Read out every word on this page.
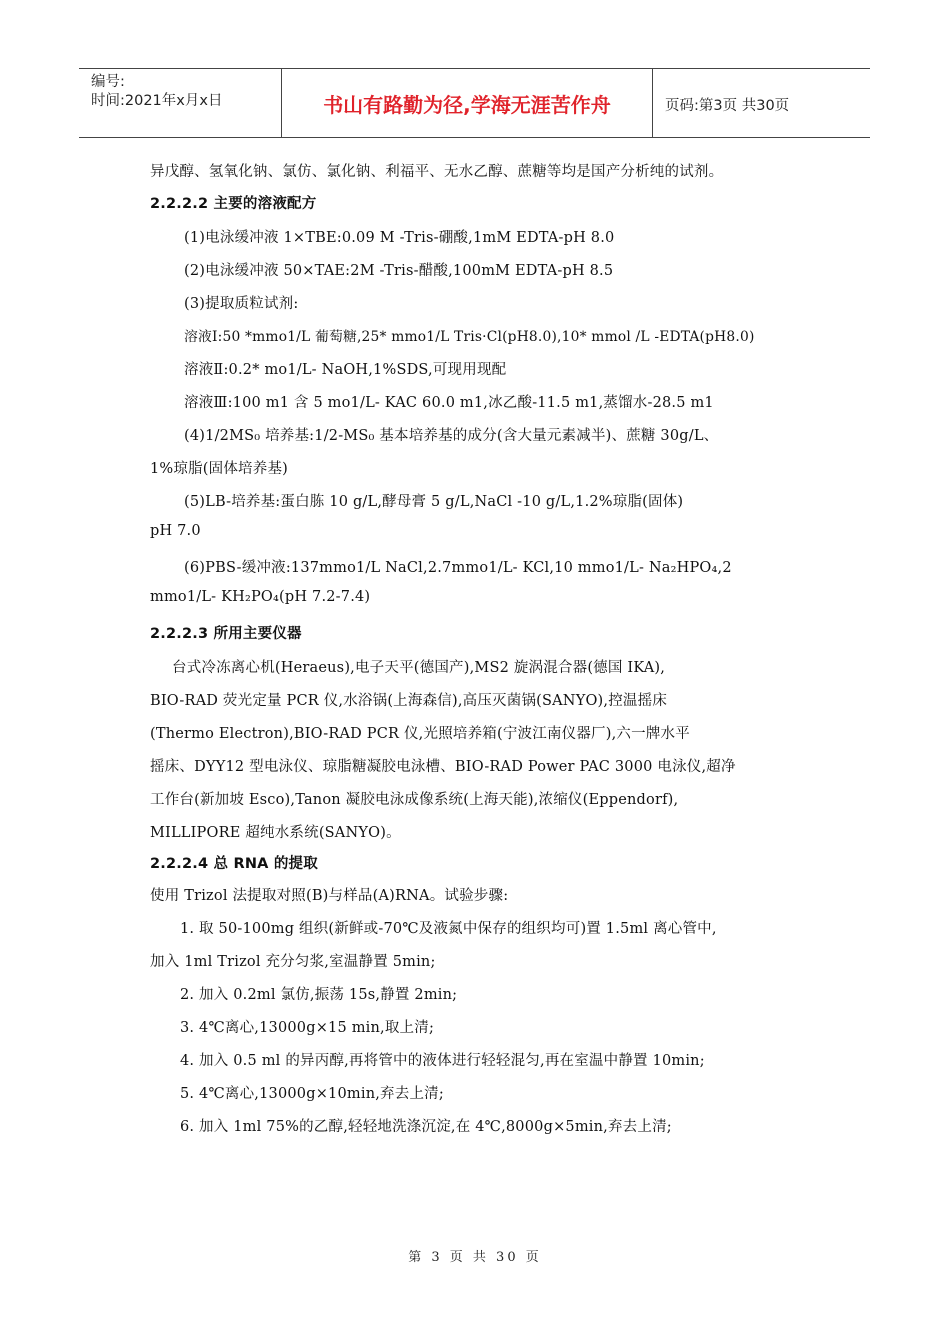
编号:
时间:2021年x月x日	书山有路勤为径,学海无涯苦作舟	页码:第3页 共30页
异戊醇、氢氧化钠、氯仿、氯化钠、利福平、无水乙醇、蔗糖等均是国产分析纯的试剂。
2.2.2.2 主要的溶液配方
(1)电泳缓冲液 1×TBE:0.09 M -Tris-硼酸,1mM EDTA-pH 8.0
(2)电泳缓冲液 50×TAE:2M -Tris-醋酸,100mM EDTA-pH 8.5
(3)提取质粒试剂:
溶液Ⅰ:50 *mmo1/L 葡萄糖,25* mmo1/L Tris·Cl(pH8.0),10* mmol /L -EDTA(pH8.0)
溶液Ⅱ:0.2* mo1/L- NaOH,1%SDS,可现用现配
溶液Ⅲ:100 m1 含 5 mo1/L- KAC 60.0 m1,冰乙酸-11.5 m1,蒸馏水-28.5 m1
(4)1/2MS₀ 培养基:1/2-MS₀ 基本培养基的成分(含大量元素减半)、蔗糖 30g/L、
1%琼脂(固体培养基)
(5)LB-培养基:蛋白胨 10 g/L,酵母膏 5 g/L,NaCl -10 g/L,1.2%琼脂(固体)
pH 7.0
(6)PBS-缓冲液:137mmo1/L NaCl,2.7mmo1/L- KCl,10 mmo1/L- Na₂HPO₄,2
mmo1/L- KH₂PO₄(pH 7.2-7.4)
2.2.2.3 所用主要仪器
台式冷冻离心机(Heraeus),电子天平(德国产),MS2 旋涡混合器(德国 IKA),
BIO-RAD 荧光定量 PCR 仪,水浴锅(上海森信),高压灭菌锅(SANYO),控温摇床
(Thermo Electron),BIO-RAD PCR 仪,光照培养箱(宁波江南仪器厂),六一牌水平
摇床、DYY12 型电泳仪、琼脂糖凝胶电泳槽、BIO-RAD Power PAC 3000 电泳仪,超净
工作台(新加坡 Esco),Tanon 凝胶电泳成像系统(上海天能),浓缩仪(Eppendorf),
MILLIPORE 超纯水系统(SANYO)。
2.2.2.4 总 RNA 的提取
使用 Trizol 法提取对照(B)与样品(A)RNA。试验步骤:
1. 取 50-100mg 组织(新鲜或-70℃及液氮中保存的组织均可)置 1.5ml 离心管中,
加入 1ml Trizol 充分匀浆,室温静置 5min;
2. 加入 0.2ml 氯仿,振荡 15s,静置 2min;
3. 4℃离心,13000g×15 min,取上清;
4. 加入 0.5 ml 的异丙醇,再将管中的液体进行轻轻混匀,再在室温中静置 10min;
5. 4℃离心,13000g×10min,弃去上清;
6. 加入 1ml 75%的乙醇,轻轻地洗涤沉淀,在 4℃,8000g×5min,弃去上清;
第 3 页 共 30 页
